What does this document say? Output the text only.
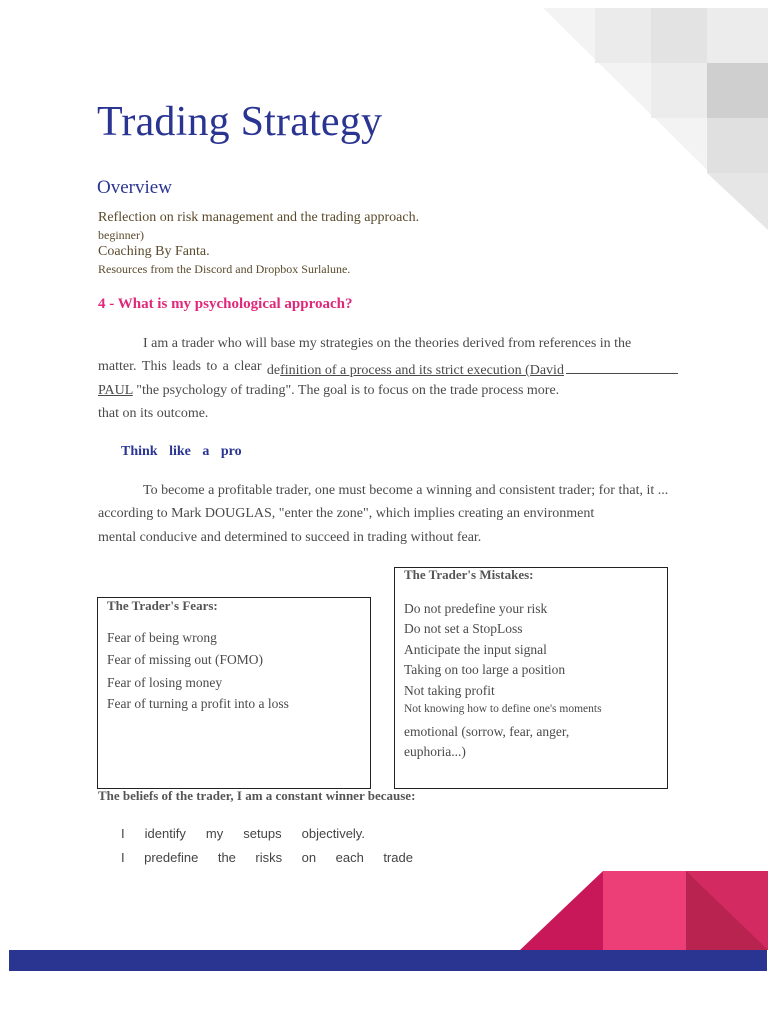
Trading Strategy
Overview
Reflection on risk management and the trading approach.
beginner)
Coaching By Fanta.
Resources from the Discord and Dropbox Surlalune.
4 - What is my psychological approach?
I am a trader who will base my strategies on the theories derived from references in the
matter. This leads to a clear definition of a process and its strict execution (David
PAUL "the psychology of trading". The goal is to focus on the trade process more.
that on its outcome.
Think like a pro
To become a profitable trader, one must become a winning and consistent trader; for that, it ...
according to Mark DOUGLAS, "enter the zone", which implies creating an environment
mental conducive and determined to succeed in trading without fear.
The Trader's Mistakes:
Do not predefine your risk
Do not set a StopLoss
Anticipate the input signal
Taking on too large a position
Not taking profit
Not knowing how to define one's moments
emotional (sorrow, fear, anger,
euphoria...)
The Trader's Fears:
Fear of being wrong
Fear of missing out (FOMO)
Fear of losing money
Fear of turning a profit into a loss
The beliefs of the trader, I am a constant winner because:
I identify my setups objectively.
I predefine the risks on each trade
